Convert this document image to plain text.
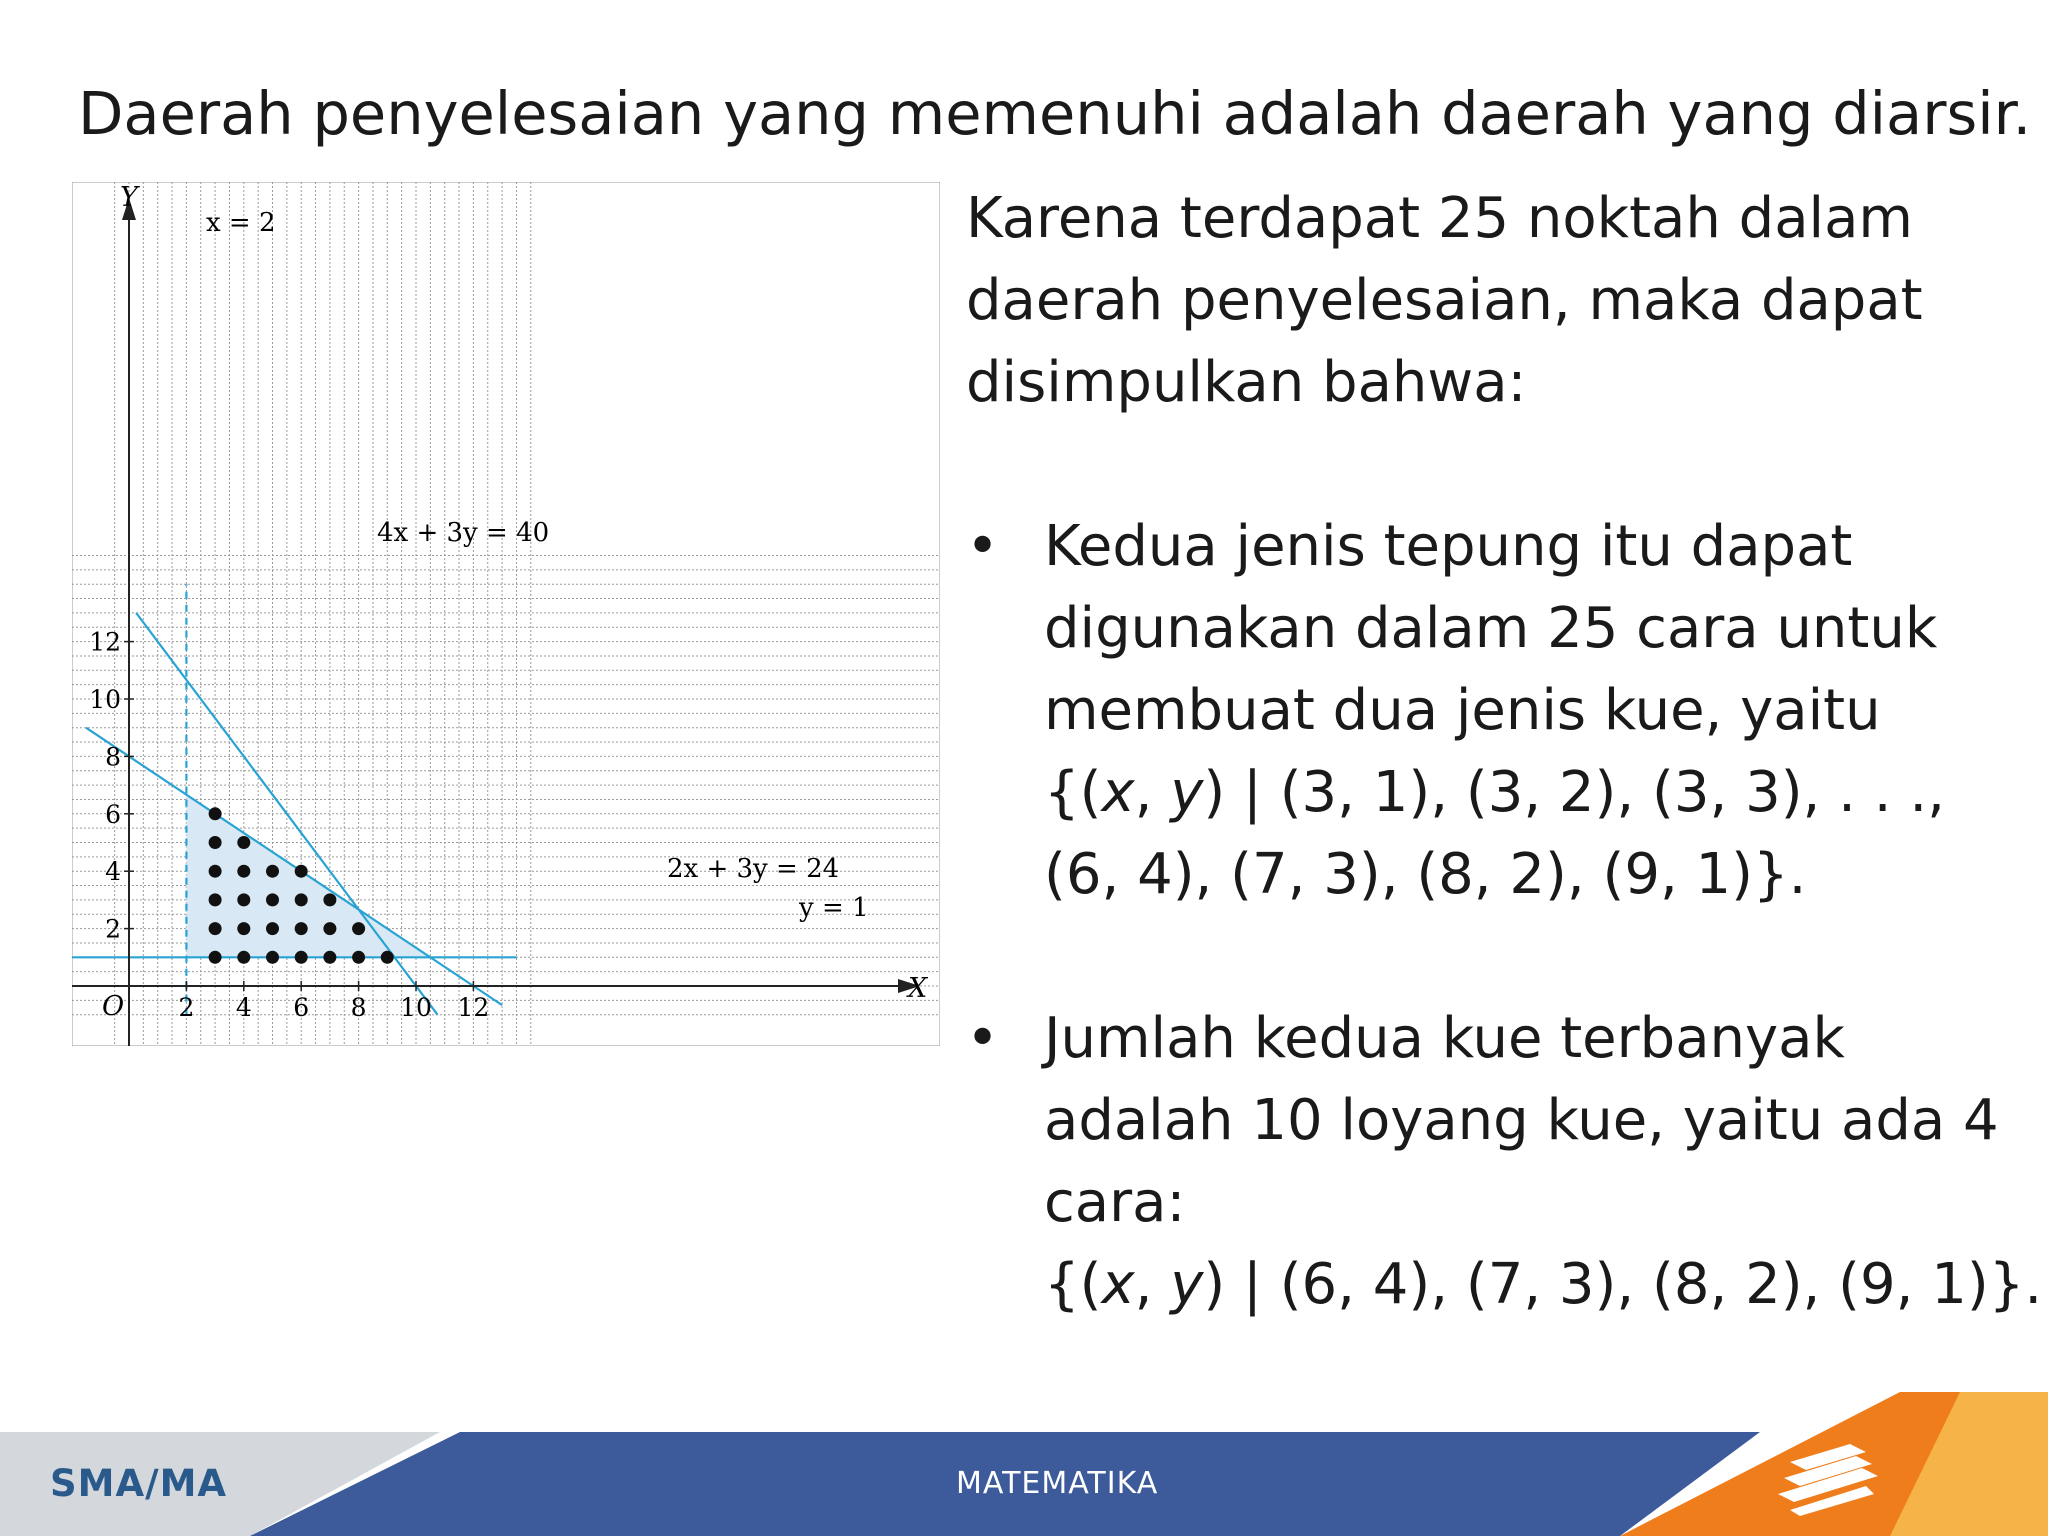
Daerah penyelesaian yang memenuhi adalah daerah yang diarsir.
2 4 6 8 10 12
2
4
6
8
10
12
x = 2
4x + 3y = 40
2x + 3y = 24
y = 1
X
Y
O

Karena terdapat 25 noktah dalam daerah penyelesaian, maka dapat disimpulkan bahwa:

• Kedua jenis tepung itu dapat digunakan dalam 25 cara untuk membuat dua jenis kue, yaitu
{(x, y) | (3, 1), (3, 2), (3, 3), . . .,
(6, 4), (7, 3), (8, 2), (9, 1)}.
• Jumlah kedua kue terbanyak adalah 10 loyang kue, yaitu ada 4 cara:
{(x, y) | (6, 4), (7, 3), (8, 2), (9, 1)}.
SMA/MA	MATEMATIKA
